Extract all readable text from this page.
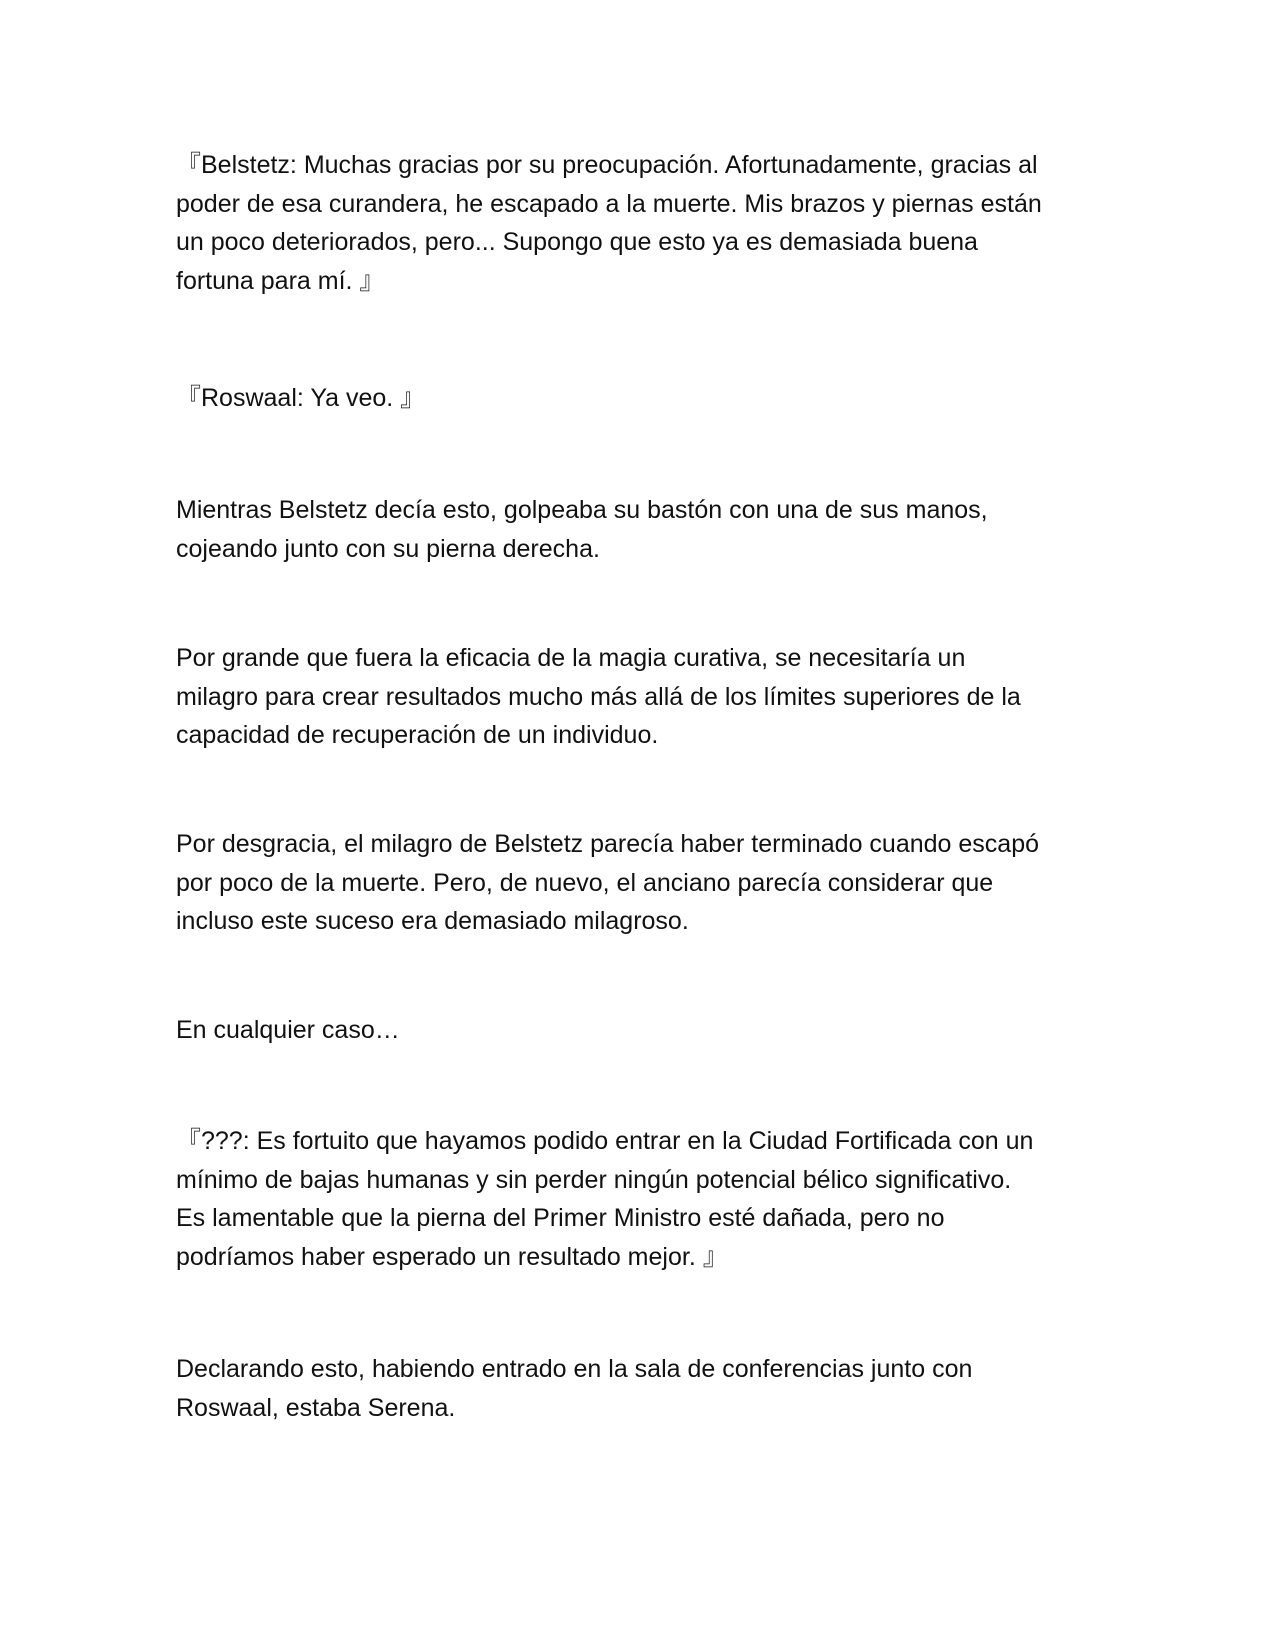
『Belstetz: Muchas gracias por su preocupación. Afortunadamente, gracias al
poder de esa curandera, he escapado a la muerte. Mis brazos y piernas están
un poco deteriorados, pero... Supongo que esto ya es demasiada buena
fortuna para mí. 』

『Roswaal: Ya veo. 』

Mientras Belstetz decía esto, golpeaba su bastón con una de sus manos,
cojeando junto con su pierna derecha.

Por grande que fuera la eficacia de la magia curativa, se necesitaría un
milagro para crear resultados mucho más allá de los límites superiores de la
capacidad de recuperación de un individuo.

Por desgracia, el milagro de Belstetz parecía haber terminado cuando escapó
por poco de la muerte. Pero, de nuevo, el anciano parecía considerar que
incluso este suceso era demasiado milagroso.

En cualquier caso…

『???: Es fortuito que hayamos podido entrar en la Ciudad Fortificada con un
mínimo de bajas humanas y sin perder ningún potencial bélico significativo.
Es lamentable que la pierna del Primer Ministro esté dañada, pero no
podríamos haber esperado un resultado mejor. 』

Declarando esto, habiendo entrado en la sala de conferencias junto con
Roswaal, estaba Serena.
